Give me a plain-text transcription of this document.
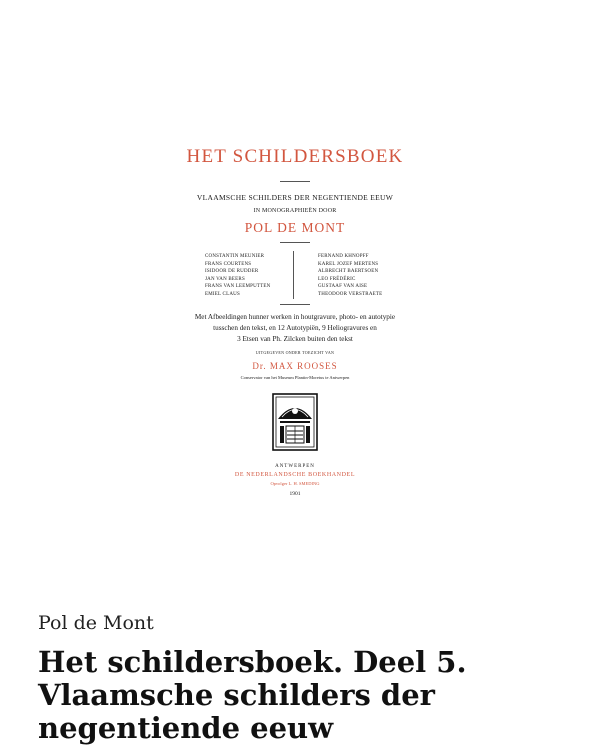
HET SCHILDERSBOEK
VLAAMSCHE SCHILDERS DER NEGENTIENDE EEUW
IN MONOGRAPHIEËN DOOR
POL DE MONT
CONSTANTIN MEUNIER
FRANS COURTENS
ISIDOOR DE RUDDER
JAN VAN BEERS
FRANS VAN LEEMPUTTEN
EMIEL CLAUS
FERNAND KHNOPFF
KAREL JOZEF MERTENS
ALBRECHT BAERTSOEN
LEO FRÉDÉRIC
GUSTAAF VAN AISE
THEODOOR VERSTRAETE
Met Afbeeldingen hunner werken in houtgravure, photo- en autotypie
tusschen den tekst, en 12 Autotypiën, 9 Heliogravures en
3 Etsen van Ph. Zilcken buiten den tekst
UITGEGEVEN ONDER TOEZICHT VAN
Dr. MAX ROOSES
Conservator van het Museum Plantin-Moretus te Antwerpen
ANTWERPEN
DE NEDERLANDSCHE BOEKHANDEL
Opvolger L. H. SMEDING
1901
Pol de Mont
Het schildersboek. Deel 5.
Vlaamsche schilders der
negentiende eeuw
